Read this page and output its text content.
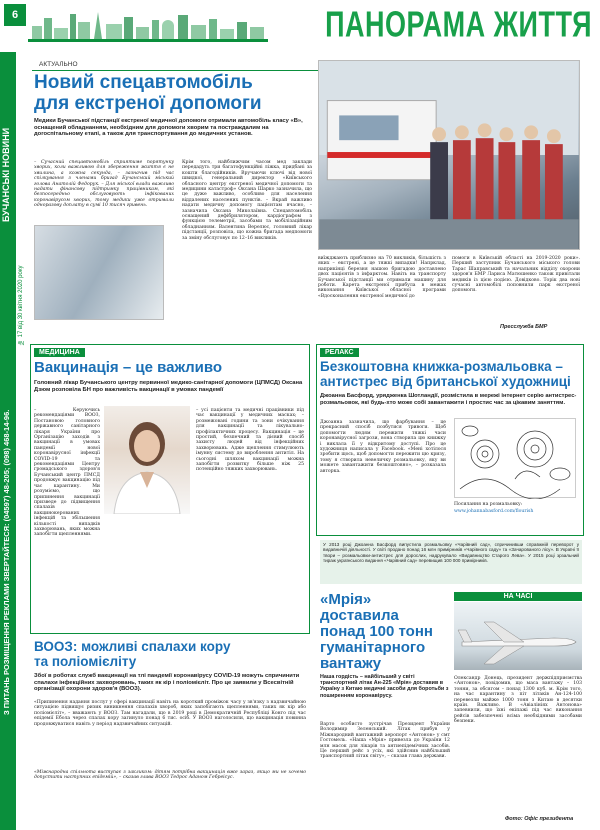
6	ПАНОРАМА ЖИТТЯ
БУЧАНСЬКІ НОВИНИ
№ 17 від 30 квітня 2020 року
З ПИТАНЬ РОЗМІЩЕННЯ РЕКЛАМИ ЗВЕРТАЙТЕСЯ: (04597) 48-205; (098) 468-14-96.
АКТУАЛЬНО
Новий спецавтомобіль
для екстреної допомоги
Медики Бучанської підстанції екстреної медичної допомоги отримали автомобіль класу «В», оснащений обладнанням, необхідним для допомоги хворим та постраждалим на догоспітальному етапі, а також для транспортування до медичних установ.
– Сучасний спецавтомобіль сприятиме порятунку хворих, коли важливою для збереження життя є не хвилина, а кожна секунда, – зазначив під час спілкування з членами бригад Бучанський міський голова Анатолій Федорук. – Для міської влади важливо надати фінансову підтримку працівникам, які безпосередньо обслуговують інфікованих коронавірусом хворих, тому медики уже отримали одноразову доплату в сумі 10 тисяч гривень.
Крім того, найближчим часом мед заклади передадуть три багатофункційні ліжка, придбані за кошти благодійників. Вручаючи ключі від нової швидкої, генеральний директор «Київського обласного центру екстреної медичної допомоги та медицини катастроф» Оксана Шарко зазначила, що це дуже важливо, особливо для населення віддалених населених пунктів. – Вкрай важливо надати медичну допомогу пацієнтам вчасно, – зазначила Оксана Миколаївна. Спецавтомобіль оснащений дефібрилятором, кардіографом з функцією телеметрії, засобами та мобілізаційним обладнанням. Валентина Верелюс, головний лікар підстанції, розповіла, що кожна бригада медпомоги за зміну обслуговує по 12–16 викликів.
виїжджають приблизно на 70 викликів, більшість з яких – екстрені, а це тяжкі випадки! Напрклад, наприкінці березня нашою бригадою доставлено двох пацієнтів з інфарктом. Навіть на транспорту Бучанської підстанції ми отримали машину для роботи. Карета екстреної прибула в межах виконання Київської обласної програми «Вдосконалення екстреної медичної до
помоги в Київській області на 2019-2020 роки». Перший заступник Бучанського міського голови Тарас Шаправський та начальник відділу охорони здоров'я БМР Лариса Матюшенко також привітали медиків із цією подією. Довідково. Торік два нові сучасні автомобілі поповнили парк екстреної допомоги.
Пресслужба БМР
МЕДИЦИНА
Вакцинація – це важливо
Головний лікар Бучанського центру первинної медико-санітарної допомоги (ЦПМСД) Оксана Дзюм розповіла БН про важливість вакцинації в умовах пандемії
– Керуючись рекомендаціями ВООЗ, Постановою головного державного санітарного лікаря України про Організацію заходів з вакцинації в умовах пандемії нової коронавірусної інфекції COVID-19 та рекомендаціями Центру громадського здоров'я Бучанський центр ПМСД продовжує вакцинацію під час карантину. Ми розуміємо, що припинення вакцинації призведе до підвищення спалахів вакцинокерованих інфекцій та збільшення кількості випадків захворювань, яких можна запобігти щепленнями.
– усі пацієнти та медичні працівники під час вакцинації у медичних масках; – розмежовані години та зони очікування для вакцинації та лікувально-профілактичних процесу. Вакцинація – це простий, безпечний та дієвий спосіб захисту людей від інфекційних захворювань. Адже щеплення стимулюють імунну систему до вироблення антитіл. На сьогодні шляхом вакцинації можна запобігти розвитку більше ніж 25 потенційно тяжких захворювань.
РЕЛАКС
Безкоштовна книжка-розмальовка –
антистрес від британської художниці
Джоанна Басфорд, урядженка Шотландії, розмістила в мережі інтернет серію антистрес-розмальовок, які будь-хто може собі завантажити і простис час за цікавим заняттям.
Джоанна зазначила, що фарбування – це прекрасний спосіб позбутися тривоги. Щоб допомогти людям пережити тяжкі часи коронавірусної загрози, вона створила цю книжку і виклала її у відкритому доступі. Про це художниця написала у Facebook. «Мені хотілося зробити щось, щоб допомогти пережити цю кризу, тому я створила невеличку розмальовку, яку ви можете завантажити безкоштовно», – розказала авторка.
Посилання на розмальовку:
www.johannabasford.com/flourish
У 2013 році Джоанна Басфорд випустила розмальовку «Чарівний сад», спричинивши справжній переворот у видавничій діяльності. У світі продано понад 16 млн примірників «Чарівного саду» та «Зачарованого лісу». В Україні її твори – розмальовки-антистрес для дорослих, надрукувало «Видавництво Старого Лева». У 2015 році зрзальний тираж українського видання «Чарівний сад» перевищив 100 000 примірників.
«Мрія»
доставила
понад 100 тонн
гуманітарного
вантажу
НА ЧАСІ
Наша гордість – найбільший у світі транспортний літак Ан-225 «Мрія» доставив в Україну з Китаю медичні засоби для боротьби з поширенням коронавірусу.
Варто особисто зустрічав Президент України Володимир Зеленський. Літак прибув у Міжнародний вантажний аеропорт «Антонов» у смт Гостомель. «Наша «Мрія» привезла до України 12 млн масок для лікарів та антиепідемічних засобів. Це перший рейс з усіх, які здійснив найбільший транспортний літак світу», – сказав глава держави.
Олександр Донець, президент держпідприємства «Антонов», повідомив, що маса вантажу – 103 тонни, за обсягом – понад 1300 куб. м. Крім того, на час карантину з піт літаків Ан-124-100 перевезли майже 1000 тонн з Китаю в десятки країн. Важливо. В «Авіалініях Антонова» запевнили, що їхні екіпажі під час виконання рейсів забезпечені всіма необхідними засобами безпеки.
Фото: Офіс президента
ВООЗ: можливі спалахи кору
та поліомієліту
Збої в роботах служб вакцинації на тлі пандемії коронавірусу COVID-19 можуть спричинити спалахи інфекційних захворювань, таких як кір і поліомієліт. Про це заявили у Всесвітній організації охорони здоров'я (ВООЗ).
«Припинення надання послуг у сфері вакцинації навіть на короткий проміжок часу у зв'язку з надзвичайною ситуацією підвищує ризик виникнення спалахів хвороб, яких запобігають щепленнями, таких як кір або поліомієліт», – вважають у ВООЗ. Там нагадали, що в 2019 році в Демократичній Республіці Конго під час епідемії Ебола через спалах кору загинуло понад 6 тис. осіб. У ВООЗ наголосили, що вакцинація повинна продовжуватися навіть у період надзвичайних ситуацій.
«Міжнародна спільнота виступає з закликом: дітям потрібна вакцинація вже зараз, якщо ми не хочемо допустити наступних епідемій», – сказав глава ВООЗ Тедрос Аданом Гебреісус.
